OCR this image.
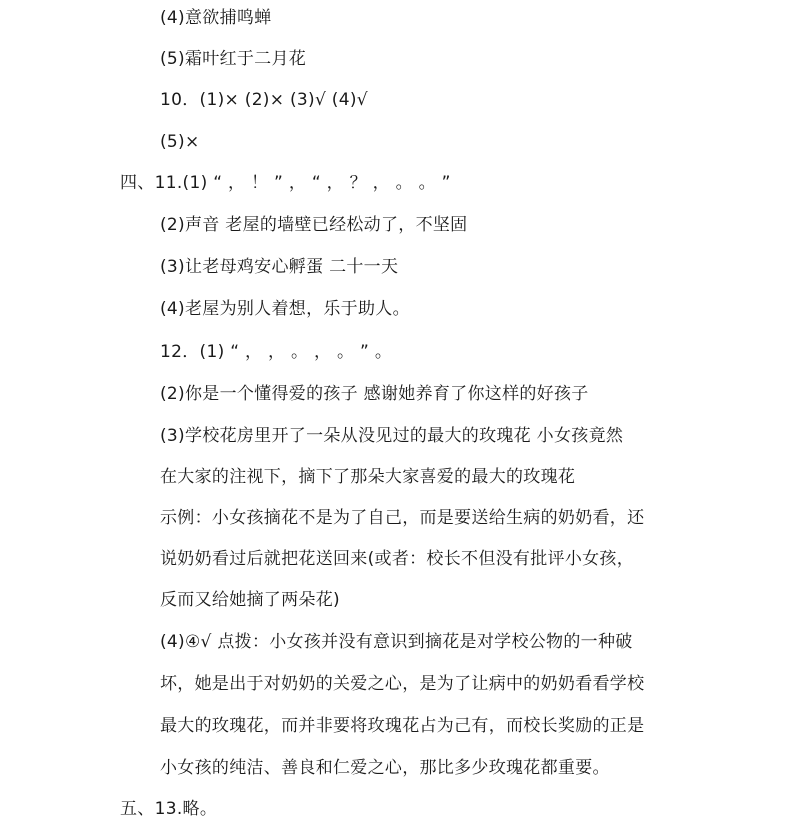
(4)意欲捕鸣蝉
(5)霜叶红于二月花
10．(1)× (2)× (3)√ (4)√
(5)×
四、11.(1) “ ， ！ ” ， “ ， ？ ， 。 。 ”
(2)声音 老屋的墙壁已经松动了，不坚固
(3)让老母鸡安心孵蛋 二十一天
(4)老屋为别人着想，乐于助人。
12．(1) “ ， ， 。 ， 。 ” 。
(2)你是一个懂得爱的孩子 感谢她养育了你这样的好孩子
(3)学校花房里开了一朵从没见过的最大的玫瑰花 小女孩竟然
在大家的注视下，摘下了那朵大家喜爱的最大的玫瑰花
示例：小女孩摘花不是为了自己，而是要送给生病的奶奶看，还
说奶奶看过后就把花送回来(或者：校长不但没有批评小女孩，
反而又给她摘了两朵花)
(4)④√ 点拨：小女孩并没有意识到摘花是对学校公物的一种破
坏，她是出于对奶奶的关爱之心，是为了让病中的奶奶看看学校
最大的玫瑰花，而并非要将玫瑰花占为己有，而校长奖励的正是
小女孩的纯洁、善良和仁爱之心，那比多少玫瑰花都重要。
五、13.略。
